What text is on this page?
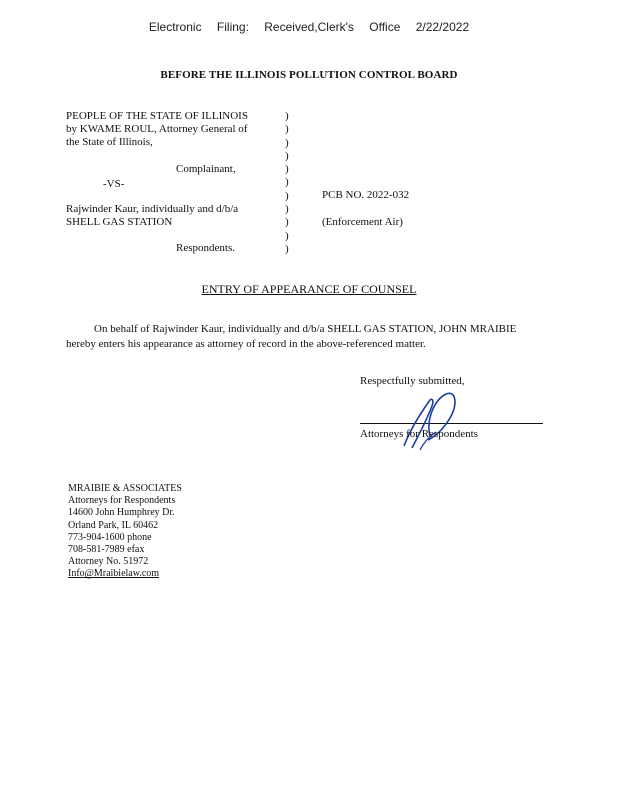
Electronic Filing: Received,Clerk's Office 2/22/2022
BEFORE THE ILLINOIS POLLUTION CONTROL BOARD
PEOPLE OF THE STATE OF ILLINOIS
by KWAME ROUL, Attorney General of
the State of Illinois,
Complainant,
-VS-
Rajwinder Kaur, individually and d/b/a
SHELL GAS STATION
Respondents.
)
)
)
)
)
)
)
)
)
)
)
PCB NO. 2022-032
(Enforcement Air)
ENTRY OF APPEARANCE OF COUNSEL
On behalf of Rajwinder Kaur, individually and d/b/a SHELL GAS STATION, JOHN MRAIBIE hereby enters his appearance as attorney of record in the above-referenced matter.
Respectfully submitted,
Attorneys for Respondents
MRAIBIE & ASSOCIATES
Attorneys for Respondents
14600 John Humphrey Dr.
Orland Park, IL 60462
773-904-1600 phone
708-581-7989 efax
Attorney No. 51972
Info@Mraibielaw.com
